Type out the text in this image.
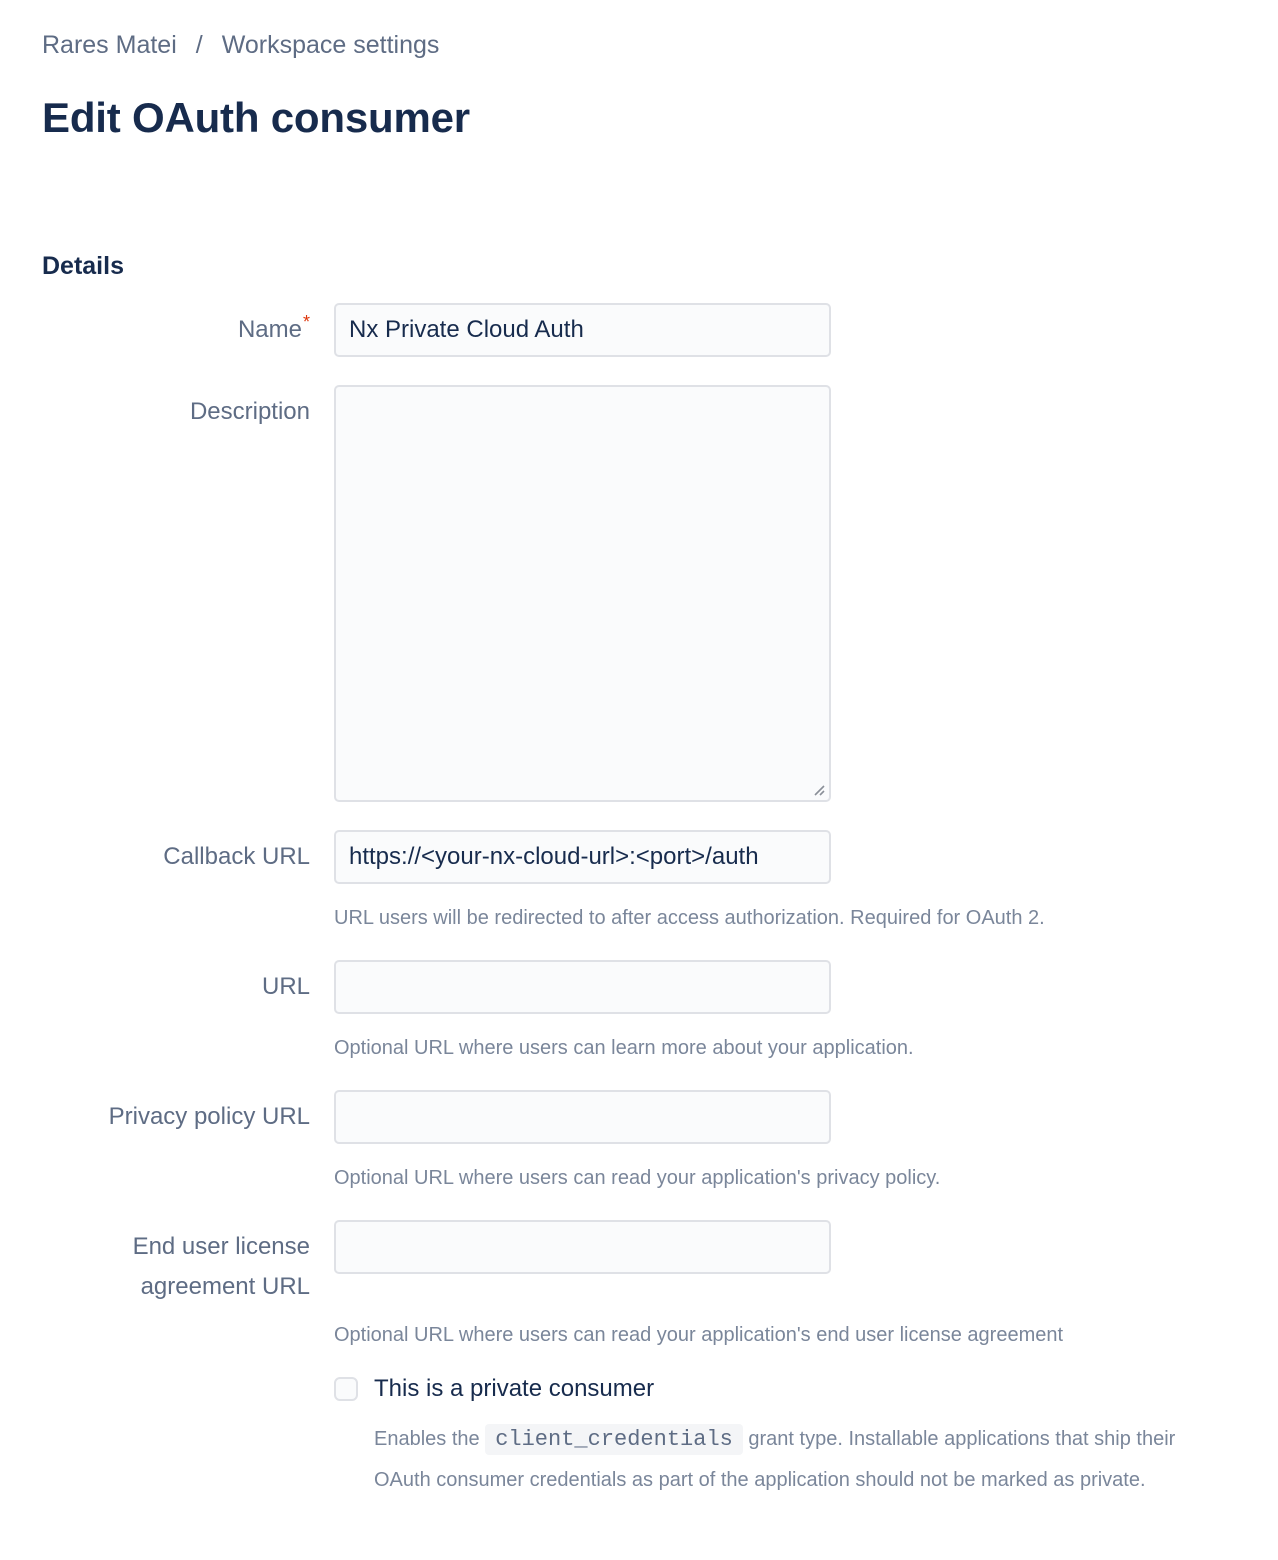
Rares Matei / Workspace settings
Edit OAuth consumer
Details
Name*
Nx Private Cloud Auth
Description
Callback URL
https://<your-nx-cloud-url>:<port>/auth

URL users will be redirected to after access authorization. Required for OAuth 2.

URL

Optional URL where users can learn more about your application.

Privacy policy URL

Optional URL where users can read your application's privacy policy.

End user license agreement URL

Optional URL where users can read your application's end user license agreement

This is a private consumer

Enables the client_credentials grant type. Installable applications that ship their OAuth consumer credentials as part of the application should not be marked as private.
